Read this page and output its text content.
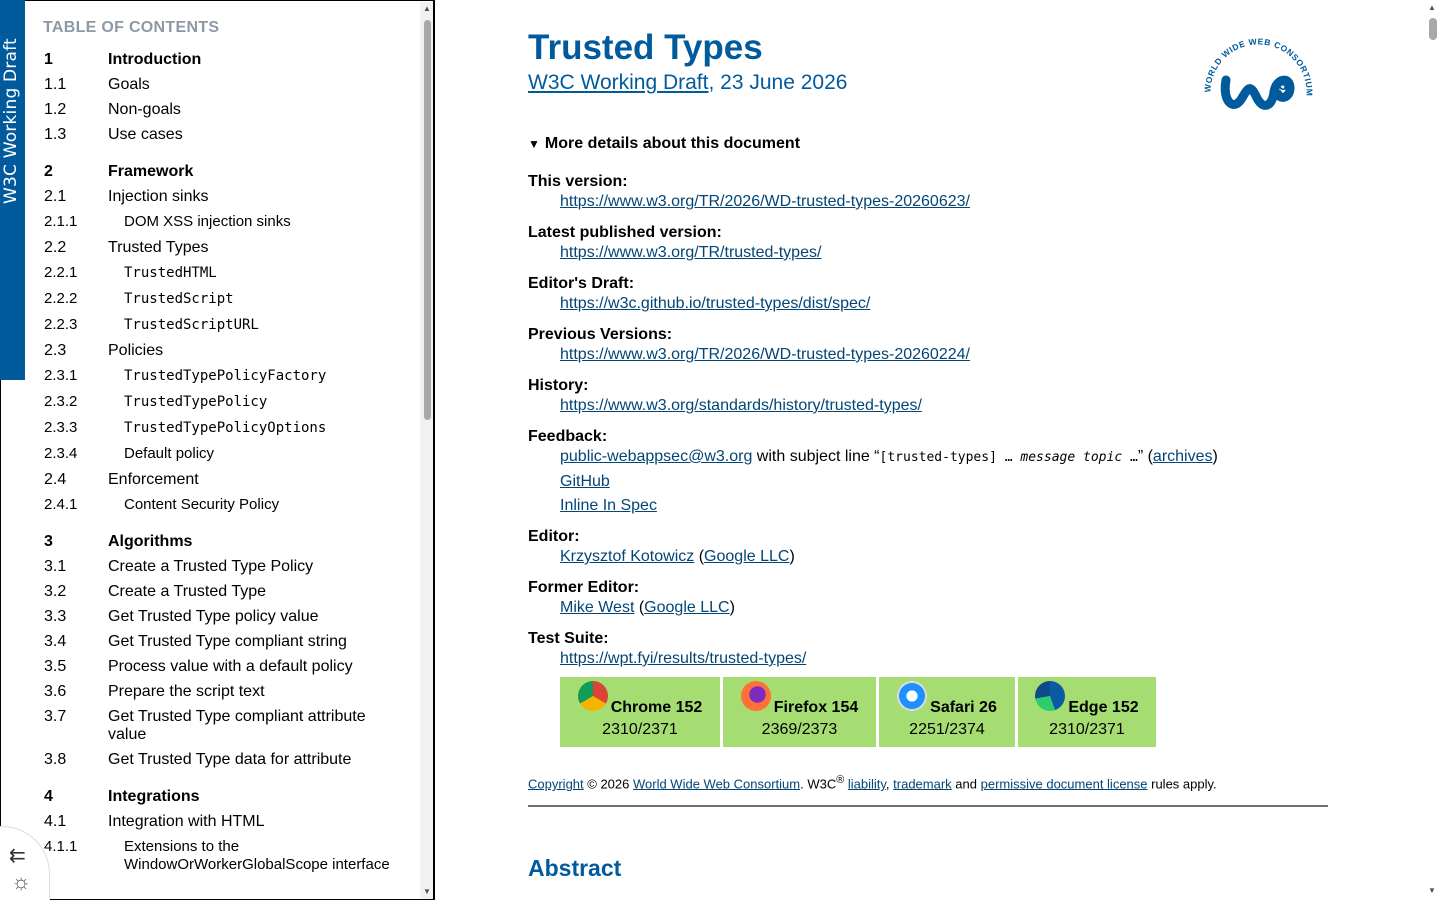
TABLE OF CONTENTS
1	Introduction
1.1	Goals
1.2	Non-goals
1.3	Use cases
2	Framework
2.1	Injection sinks
2.1.1	DOM XSS injection sinks
2.2	Trusted Types
2.2.1	TrustedHTML
2.2.2	TrustedScript
2.2.3	TrustedScriptURL
2.3	Policies
2.3.1	TrustedTypePolicyFactory
2.3.2	TrustedTypePolicy
2.3.3	TrustedTypePolicyOptions
2.3.4	Default policy
2.4	Enforcement
2.4.1	Content Security Policy
3	Algorithms
3.1	Create a Trusted Type Policy
3.2	Create a Trusted Type
3.3	Get Trusted Type policy value
3.4	Get Trusted Type compliant string
3.5	Process value with a default policy
3.6	Prepare the script text
3.7	Get Trusted Type compliant attribute value
3.8	Get Trusted Type data for attribute
4	Integrations
4.1	Integration with HTML
4.1.1	Extensions to the WindowOrWorkerGlobalScope interface
▲
▼
W3C Working Draft
⇇
☼
Trusted Types

W3C Working Draft, 23 June 2026

▼ More details about this document
This version:
https://www.w3.org/TR/2026/WD-trusted-types-20260623/
Latest published version:
https://www.w3.org/TR/trusted-types/
Editor's Draft:
https://w3c.github.io/trusted-types/dist/spec/
Previous Versions:
https://www.w3.org/TR/2026/WD-trusted-types-20260224/
History:
https://www.w3.org/standards/history/trusted-types/
Feedback:
public-webappsec@w3.org with subject line “[trusted-types] … message topic …” (archives)
GitHub
Inline In Spec
Editor:
Krzysztof Kotowicz (Google LLC)
Former Editor:
Mike West (Google LLC)
Test Suite:
https://wpt.fyi/results/trusted-types/
Chrome 152
2310/2371
Firefox 154
2369/2373
Safari 26
2251/2374
Edge 152
2310/2371
Copyright © 2026 World Wide Web Consortium. W3C® liability, trademark and permissive document license rules apply.
Abstract
WORLD WIDE WEB CONSORTIUM
3
▲
▼
